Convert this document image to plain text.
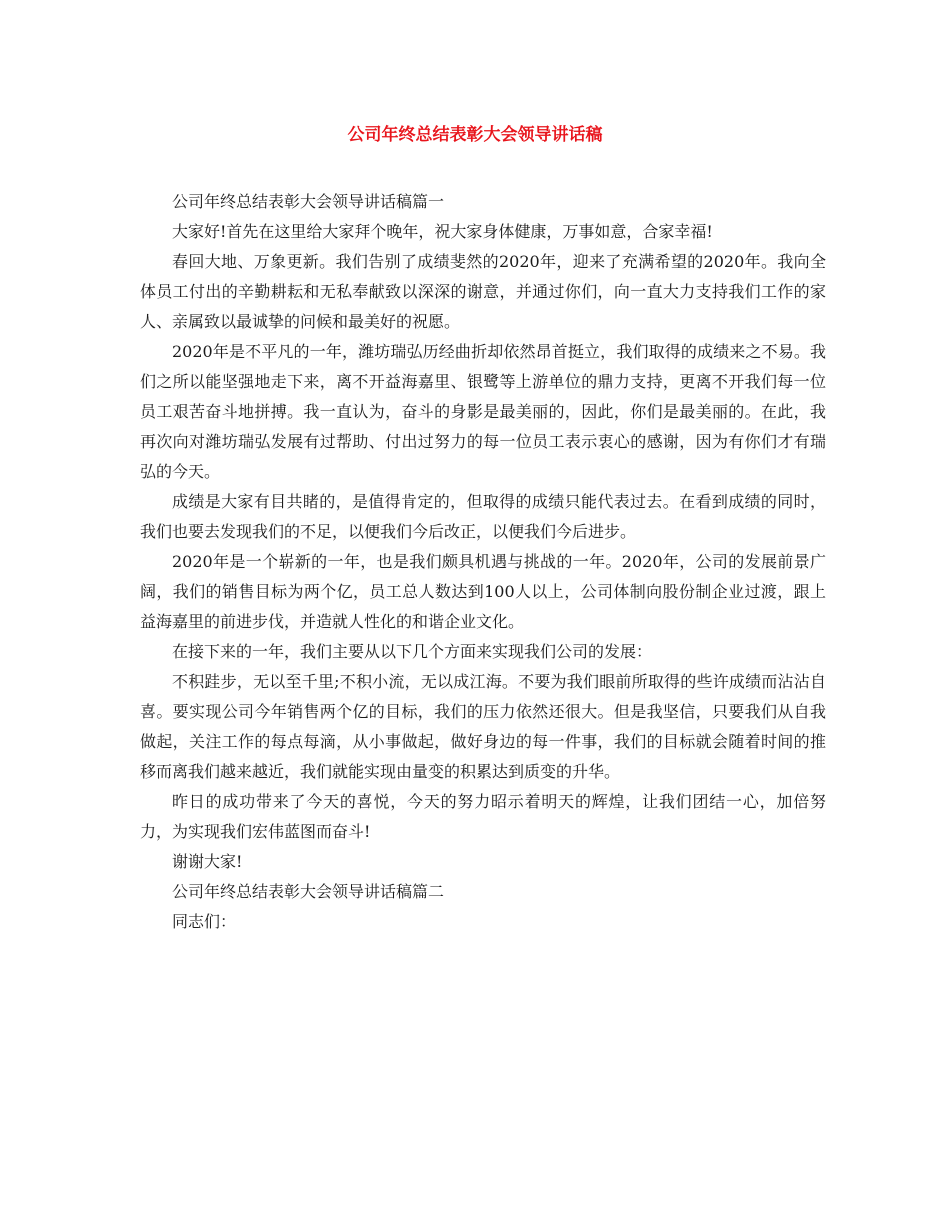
公司年终总结表彰大会领导讲话稿

公司年终总结表彰大会领导讲话稿篇一

大家好!首先在这里给大家拜个晚年，祝大家身体健康，万事如意，合家幸福!

春回大地、万象更新。我们告别了成绩斐然的2020年，迎来了充满希望的2020年。我向全体员工付出的辛勤耕耘和无私奉献致以深深的谢意，并通过你们，向一直大力支持我们工作的家人、亲属致以最诚挚的问候和最美好的祝愿。

2020年是不平凡的一年，潍坊瑞弘历经曲折却依然昂首挺立，我们取得的成绩来之不易。我们之所以能坚强地走下来，离不开益海嘉里、银鹭等上游单位的鼎力支持，更离不开我们每一位员工艰苦奋斗地拼搏。我一直认为，奋斗的身影是最美丽的，因此，你们是最美丽的。在此，我再次向对潍坊瑞弘发展有过帮助、付出过努力的每一位员工表示衷心的感谢，因为有你们才有瑞弘的今天。

成绩是大家有目共睹的，是值得肯定的，但取得的成绩只能代表过去。在看到成绩的同时，我们也要去发现我们的不足，以便我们今后改正，以便我们今后进步。

2020年是一个崭新的一年，也是我们颇具机遇与挑战的一年。2020年，公司的发展前景广阔，我们的销售目标为两个亿，员工总人数达到100人以上，公司体制向股份制企业过渡，跟上益海嘉里的前进步伐，并造就人性化的和谐企业文化。

在接下来的一年，我们主要从以下几个方面来实现我们公司的发展：

不积跬步，无以至千里;不积小流，无以成江海。不要为我们眼前所取得的些许成绩而沾沾自喜。要实现公司今年销售两个亿的目标，我们的压力依然还很大。但是我坚信，只要我们从自我做起，关注工作的每点每滴，从小事做起，做好身边的每一件事，我们的目标就会随着时间的推移而离我们越来越近，我们就能实现由量变的积累达到质变的升华。

昨日的成功带来了今天的喜悦，今天的努力昭示着明天的辉煌，让我们团结一心，加倍努力，为实现我们宏伟蓝图而奋斗!

谢谢大家!

公司年终总结表彰大会领导讲话稿篇二

同志们：
